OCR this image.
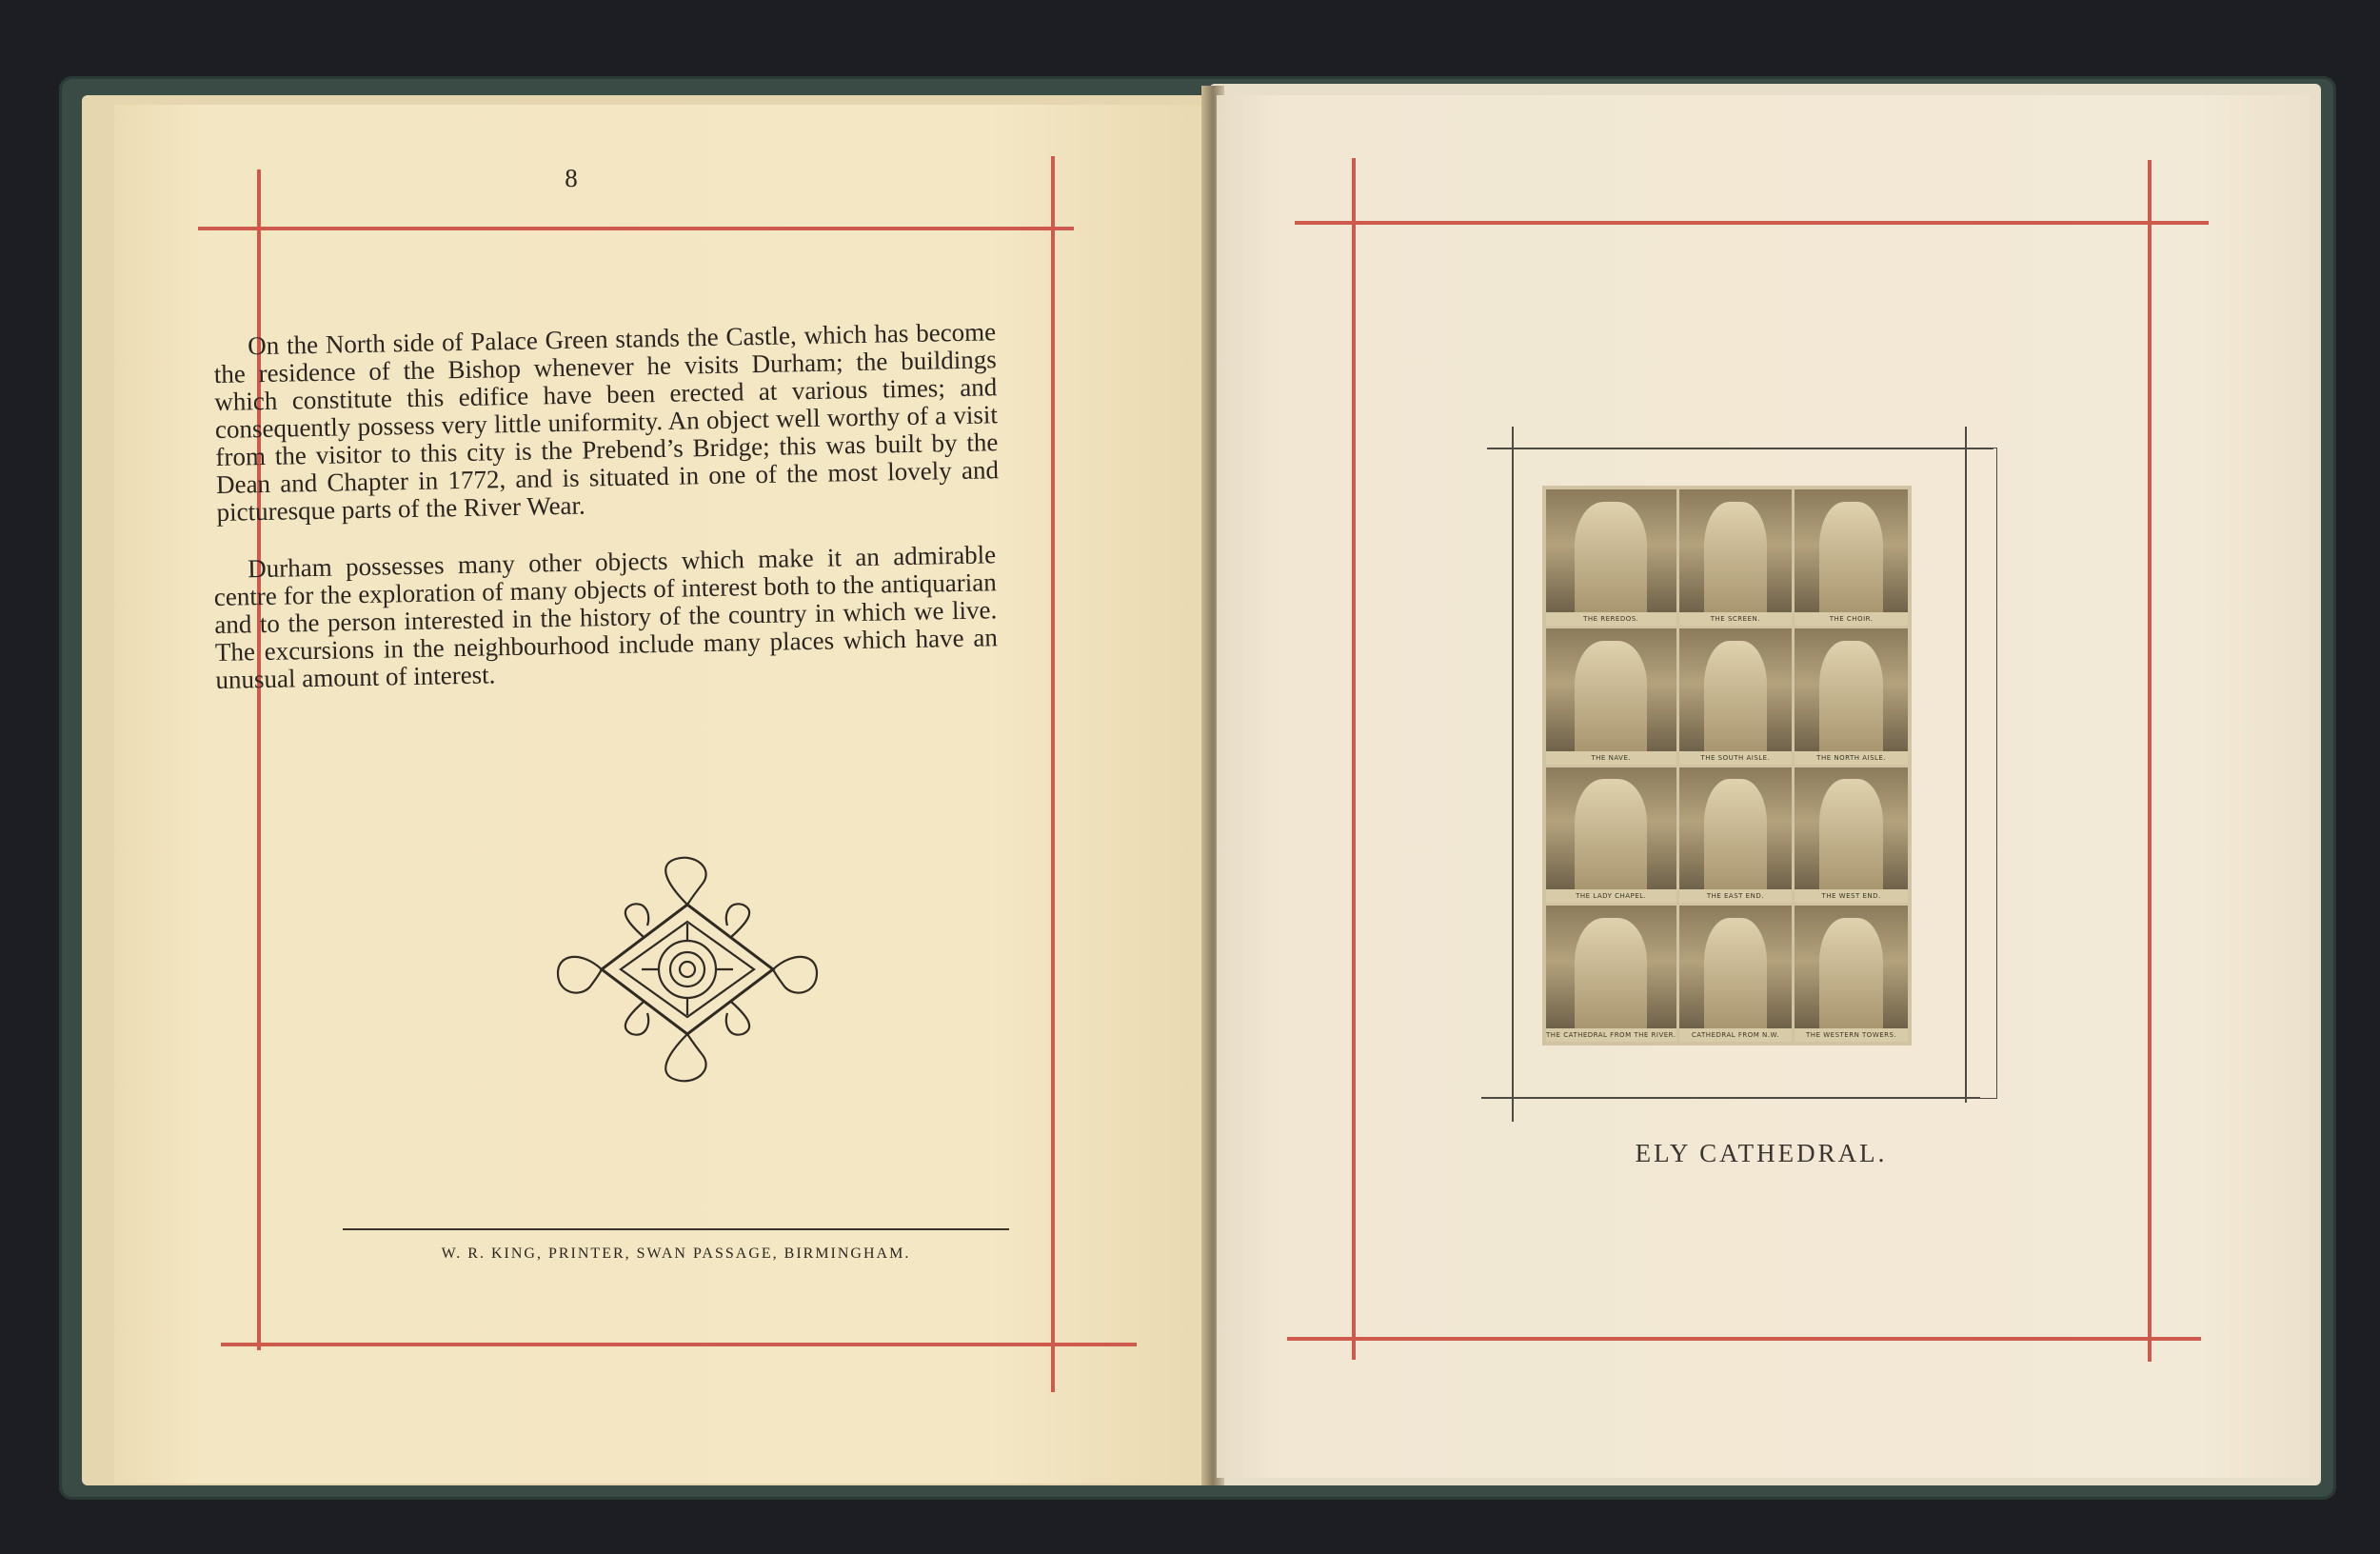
8

On the North side of Palace Green stands the Castle, which has become the residence of the Bishop whenever he visits Durham; the buildings which constitute this edifice have been erected at various times; and consequently possess very little uniformity. An object well worthy of a visit from the visitor to this city is the Prebend’s Bridge; this was built by the Dean and Chapter in 1772, and is situated in one of the most lovely and picturesque parts of the River Wear.

Durham possesses many other objects which make it an admirable centre for the exploration of many objects of interest both to the antiquarian and to the person interested in the history of the country in which we live. The excursions in the neighbourhood include many places which have an unusual amount of interest.

W. R. KING, PRINTER, SWAN PASSAGE, BIRMINGHAM.
THE REREDOS.	THE SCREEN.	THE CHOIR.
THE NAVE.	THE SOUTH AISLE.	THE NORTH AISLE.
THE LADY CHAPEL.	THE EAST END.	THE WEST END.
THE CATHEDRAL FROM THE RIVER.	CATHEDRAL FROM N.W.	THE WESTERN TOWERS.
ELY CATHEDRAL.
